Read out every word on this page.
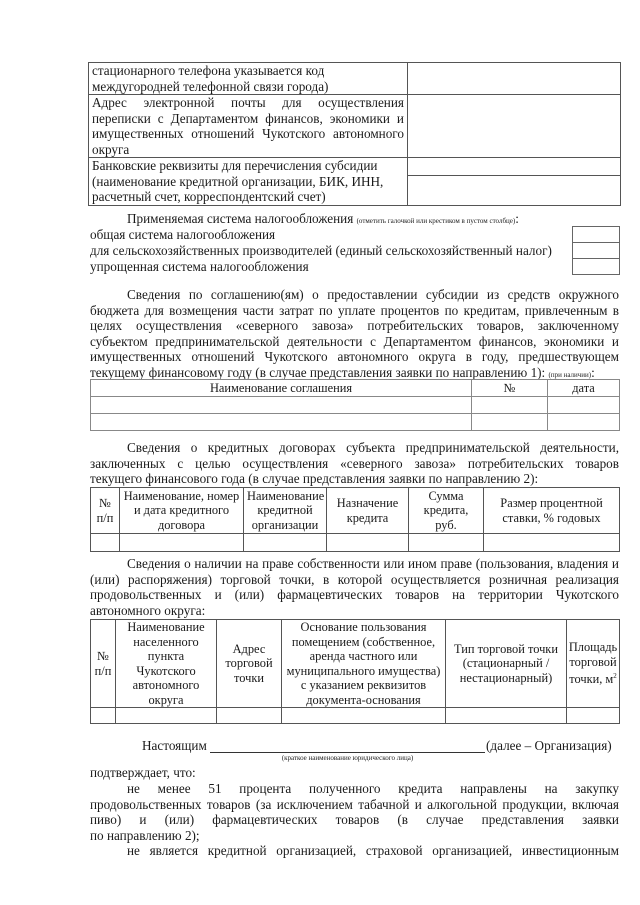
стационарного телефона указывается код
междугородней телефонной связи города)	

Адрес электронной почты для осуществления
переписки с Департаментом финансов, экономики и
имущественных отношений Чукотского автономного
округа	

Банковские реквизиты для перечисления субсидии
(наименование кредитной организации, БИК, ИНН,
расчетный счет, корреспондентский счет)	

Применяемая система налогообложения (отметить галочкой или крестиком в пустом столбце):
общая система налогообложения
для сельскохозяйственных производителей (единый сельскохозяйственный налог)
упрощенная система налогообложения
Сведения по соглашению(ям) о предоставлении субсидии из средств окружного
бюджета для возмещения части затрат по уплате процентов по кредитам, привлеченным в
целях осуществления «северного завоза» потребительских товаров, заключенному
субъектом предпринимательской деятельности с Департаментом финансов, экономики и
имущественных отношений Чукотского автономного округа в году, предшествующем
текущему финансовому году (в случае представления заявки по направлению 1): (при наличии):
Наименование соглашения	№	дата

Сведения о кредитных договорах субъекта предпринимательской деятельности,
заключенных с целью осуществления «северного завоза» потребительских товаров
текущего финансового года (в случае представления заявки по направлению 2):
№ п/п	Наименование, номер и дата кредитного договора	Наименование кредитной организации	Назначение кредита	Сумма кредита, руб.	Размер процентной ставки, % годовых

Сведения о наличии на праве собственности или ином праве (пользования, владения и
(или) распоряжения) торговой точки, в которой осуществляется розничная реализация
продовольственных и (или) фармацевтических товаров на территории Чукотского
автономного округа:
№ п/п	Наименование населенного пункта Чукотского автономного округа	Адрес торговой точки	Основание пользования помещением (собственное, аренда частного или муниципального имущества) с указанием реквизитов документа-основания	Тип торговой точки (стационарный / нестационарный)	Площадь торговой точки, $м^2$

Настоящим	(далее – Организация)
(краткое наименование юридического лица)
подтверждает, что:
не менее 51 процента полученного кредита направлены на закупку
продовольственных товаров (за исключением табачной и алкогольной продукции, включая
пиво) и (или) фармацевтических товаров (в случае представления заявки
по направлению 2);
не является кредитной организацией, страховой организацией, инвестиционным
